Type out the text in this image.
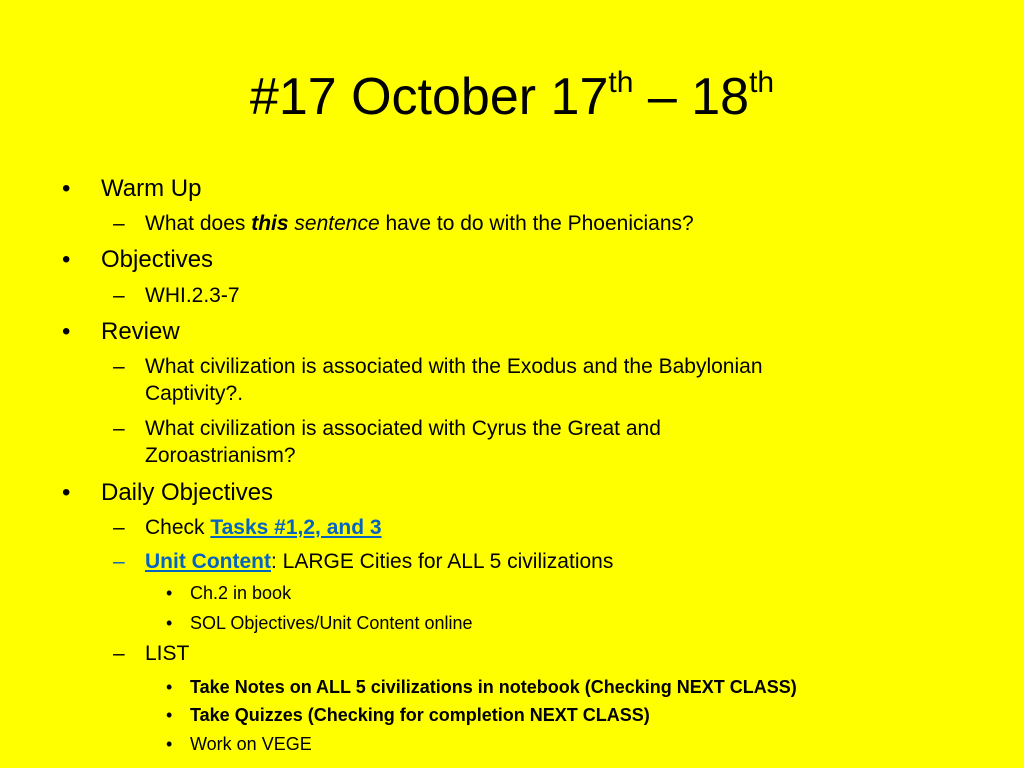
#17 October 17th – 18th
• Warm Up
– What does this sentence have to do with the Phoenicians?
• Objectives
– WHI.2.3-7
• Review
– What civilization is associated with the Exodus and the Babylonian
Captivity?.
– What civilization is associated with Cyrus the Great and
Zoroastrianism?
• Daily Objectives
– Check Tasks #1,2, and 3
– Unit Content: LARGE Cities for ALL 5 civilizations
• Ch.2 in book
• SOL Objectives/Unit Content online
– LIST
• Take Notes on ALL 5 civilizations in notebook (Checking NEXT CLASS)
• Take Quizzes (Checking for completion NEXT CLASS)
• Work on VEGE
